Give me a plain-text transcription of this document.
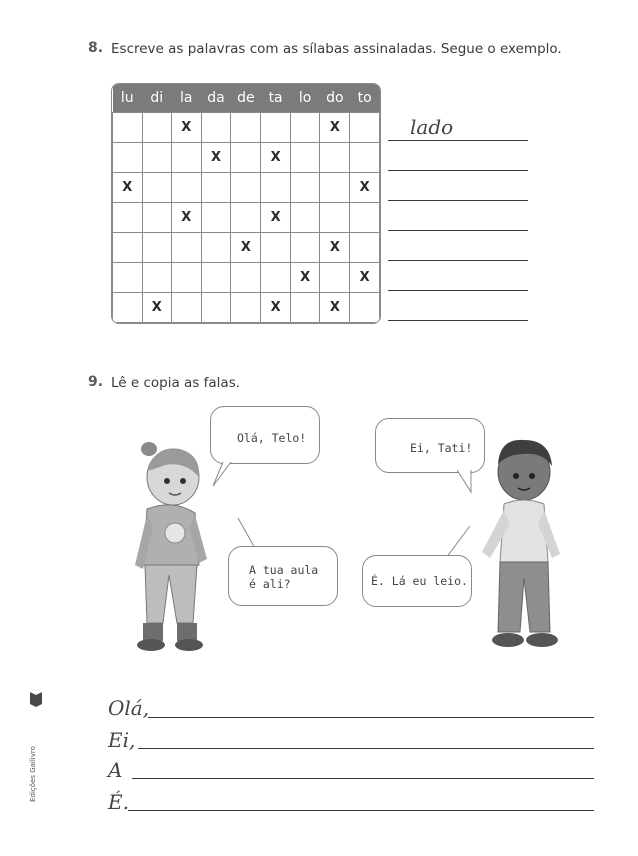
8. Escreve as palavras com as sílabas assinaladas. Segue o exemplo.
lu	di	la	da	de	ta	lo	do	to
		X					X	
			X		X			
X								X
		X			X			
				X			X	
						X		X
	X				X		X	
lado
9. Lê e copia as falas.
Olá, Telo!
Ei, Tati!
A tua aula
é ali?	É. Lá eu leio.
Olá,
Ei,
A
É.
Edições Gailivro
